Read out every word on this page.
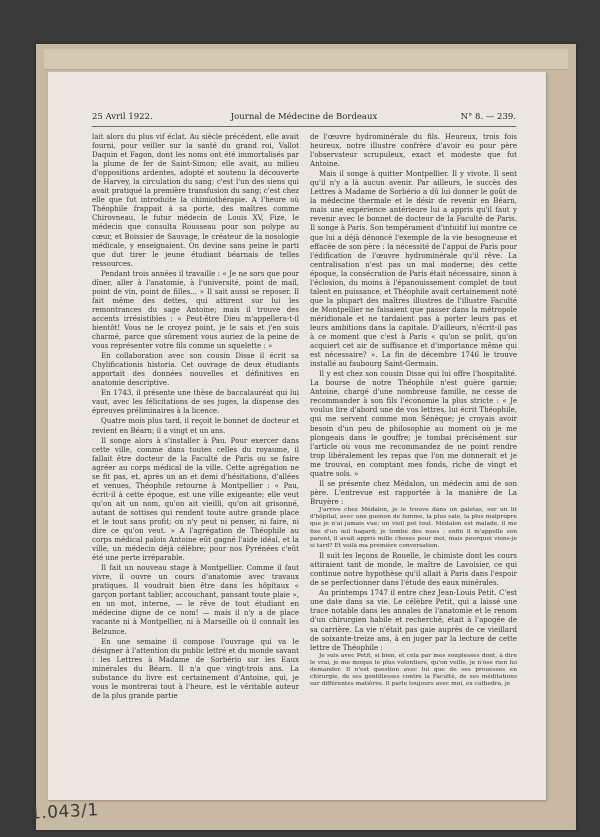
25 Avril 1922.	Journal de Médecine de Bordeaux	N° 8. — 239.

lait alors du plus vif éclat. Au siècle précédent, elle avait fourni, pour veiller sur la santé du grand roi, Vallot Daquin et Fagon, dont les noms ont été immortalisés par la plume de fer de Saint-Simon; elle avait, au milieu d'oppositions ardentes, adopté et soutenu la découverte de Harvey, la circulation du sang; c'est l'un des siens qui avait pratiqué la première transfusion du sang; c'est chez elle que fut introduite la chimiothérapie. A l'heure où Théophile frappait à sa porte, des maîtres comme Chirovneau, le futur médecin de Louis XV, Fize, le médecin que consulta Rousseau pour son polype au cœur, et Boissier de Sauvage, le créateur de la nosologie médicale, y enseignaient. On devine sans peine le parti que dut tirer le jeune étudiant béarnais de telles ressources.

Pendant trois années il travaille : « Je ne sors que pour dîner, aller à l'anatomie, à l'université, point de mail, point de vin, point de filles... » Il sait aussi se reposer. Il fait même des dettes, qui attirent sur lui les remontrances du sage Antoine; mais il trouve des accents irrésistibles : « Peut-être Dieu m'appellera-t-il bientôt! Vous ne le croyez point, je le sais et j'en suis charmé, parce que sûrement vous auriez de la peine de vous représenter votre fils comme un squelette : »

En collaboration avec son cousin Disse il écrit sa Chylificationis historia. Cet ouvrage de deux étudiants apportait des données nouvelles et définitives en anatomie descriptive.

En 1743, il présente une thèse de baccalauréat qui lui vaut, avec les félicitations de ses juges, la dispense des épreuves préliminaires à la licence.

Quatre mois plus tard, il reçoit le bonnet de docteur et revient en Béarn; il a vingt et un ans.

Il songe alors à s'installer à Pau. Pour exercer dans cette ville, comme dans toutes celles du royaume, il fallait être docteur de la Faculté de Paris ou se faire agréer au corps médical de la ville. Cette agrégation ne se fit pas, et, après un an et demi d'hésitations, d'allées et venues, Théophile retourne à Montpellier : « Pau, écrit-il à cette époque, est une ville exigeante; elle veut qu'on ait un nom, qu'on ait vieilli, qu'on ait grisonné, autant de sottises qui rendent toute autre grande place et le tout sans profit; on n'y peut ni penser, ni faire, ni dire ce qu'on veut. » A l'agrégation de Théophile au corps médical palois Antoine eût gagné l'aide idéal, et la ville, un médecin déjà célèbre; pour nos Pyrénées c'eût été une perte irréparable.

Il fait un nouveau stage à Montpellier. Comme il faut vivre, il ouvre un cours d'anatomie avec travaux pratiques. Il voudrait bien être dans les hôpitaux « garçon portant tablier, accouchant, pansant toute plaie », en un mot, interne, — le rêve de tout étudiant en médecine digne de ce nom! — mais il n'y a de place vacante ni à Montpellier, ni à Marseille où il connaît les Belzunce.

En une semaine il compose l'ouvrage qui va le désigner à l'attention du public lettré et du monde savant : les Lettres à Madame de Sorbério sur les Eaux minérales du Béarn. Il n'a que vingt-trois ans. La substance du livre est certainement d'Antoine, qui, je vous le montrerai tout à l'heure, est le véritable auteur de la plus grande partie

de l'œuvre hydrominérale du fils. Heureux, trois fois heureux, notre illustre confrère d'avoir eu pour père l'observateur scrupuleux, exact et modeste que fut Antoine.

Mais il songe à quitter Montpellier. Il y vivote. Il sent qu'il n'y a là aucun avenir. Par ailleurs, le succès des Lettres à Madame de Sorbério a dû lui donner le goût de la médecine thermale et le désir de revenir en Béarn, mais une expérience antérieure lui a appris qu'il faut y revenir avec le bonnet de docteur de la Faculté de Paris. Il songe à Paris. Son tempérament d'intuitif lui montre ce que lui a déjà dénoncé l'exemple de la vie besogneuse et effacée de son père : la nécessité de l'appui de Paris pour l'édification de l'œuvre hydrominérale qu'il rêve. La centralisation n'est pas un mal moderne; dès cette époque, la consécration de Paris était nécessaire, sinon à l'éclosion, du moins à l'épanouissement complet de tout talent en puissance, et Théophile avait certainement noté que la plupart des maîtres illustres de l'illustre Faculté de Montpellier ne faisaient que passer dans la métropole méridionale et ne tardaient pas à porter leurs pas et leurs ambitions dans la capitale. D'ailleurs, n'écrit-il pas à ce moment que c'est à Paris « qu'on se polit, qu'on acquiert cet air de suffisance et d'importance même qui est nécessaire? ». La fin de décembre 1746 le trouve installé au faubourg Saint-Germain.

Il y est chez son cousin Disse qui lui offre l'hospitalité. La bourse de notre Théophile n'est guère garnie; Antoine, chargé d'une nombreuse famille, ne cesse de recommander à son fils l'économie la plus stricte : « Je voulus lire d'abord une de vos lettres, lui écrit Théophile, qui me servent comme mon Sénèque; je croyais avoir besoin d'un peu de philosophie au moment où je me plongeais dans le gouffre; je tombai précisément sur l'article où vous me recommandez de ne point rendre trop libéralement les repas que l'on me donnerait et je me trouvai, en comptant mes fonds, riche de vingt et quatre sols. »

Il se présente chez Médalon, un médecin ami de son père. L'entrevue est rapportée à la manière de La Bruyère :

J'arrive chez Médalon, je le trouve dans un galetas, sur un lit d'hôpital, avec une guenon de femme, la plus sale, la plus malpropre que je n'ai jamais vue; un vieil pot tout. Médalon est malade, il me fixe d'un œil hagard; je tombe des nues : enfin il m'appelle son parent, il avait appris mille choses pour moi, mais pourquoi viens-je si tard? Et voilà ma première conversation.

Il suit les leçons de Rouelle, le chimiste dont les cours attiraient tant de monde, le maître de Lavoisier, ce qui continue notre hypothèse qu'il allait à Paris dans l'espoir de se perfectionner dans l'étude des eaux minérales.

Au printemps 1747 il entre chez Jean-Louis Petit. C'est une date dans sa vie. Le célèbre Petit, qui a laissé une trace notable dans les annales de l'anatomie et le renom d'un chirurgien habile et recherché, était à l'apogée de sa carrière. La vie n'était pas gaie auprès de ce vieillard de soixante-treize ans, à en juger par la lecture de cette lettre de Théophile :

Je suis avec Petit, si bien, et cela par mes souplesses dont, à dire le vrai, je me moque le plus volontiers, qu'on veille, je n'ose rien lui demander. Il n'est question avec lui que de ses prouesses en chirurgie, de ses gentillesses contre la Faculté, de ses méditations sur différentes matières. Il parle toujours avec moi, ex cathedra, je

1.043/1
